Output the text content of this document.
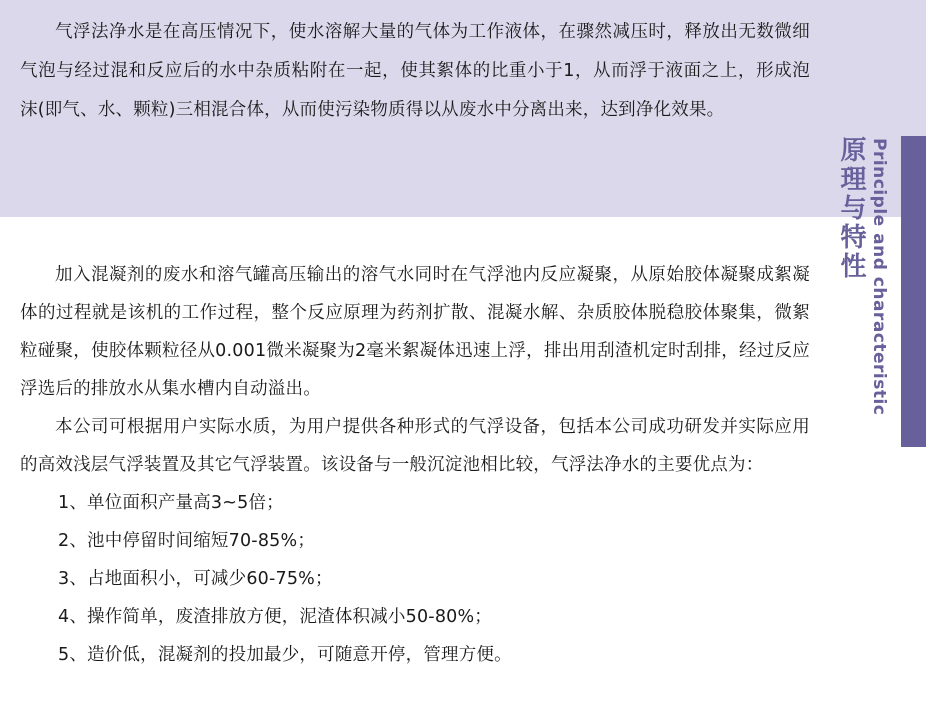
气浮法净水是在高压情况下，使水溶解大量的气体为工作液体，在骤然减压时，释放出无数微细气泡与经过混和反应后的水中杂质粘附在一起，使其絮体的比重小于1，从而浮于液面之上，形成泡沫(即气、水、颗粒)三相混合体，从而使污染物质得以从废水中分离出来，达到净化效果。

原理与特性 Principle and characteristic

加入混凝剂的废水和溶气罐高压输出的溶气水同时在气浮池内反应凝聚，从原始胶体凝聚成絮凝体的过程就是该机的工作过程，整个反应原理为药剂扩散、混凝水解、杂质胶体脱稳胶体聚集，微絮粒碰聚，使胶体颗粒径从0.001微米凝聚为2毫米絮凝体迅速上浮，排出用刮渣机定时刮排，经过反应浮选后的排放水从集水槽内自动溢出。

本公司可根据用户实际水质，为用户提供各种形式的气浮设备，包括本公司成功研发并实际应用的高效浅层气浮装置及其它气浮装置。该设备与一般沉淀池相比较，气浮法净水的主要优点为：

1、单位面积产量高3~5倍；

2、池中停留时间缩短70-85%；

3、占地面积小，可减少60-75%；

4、操作简单，废渣排放方便，泥渣体积减小50-80%；

5、造价低，混凝剂的投加最少，可随意开停，管理方便。
